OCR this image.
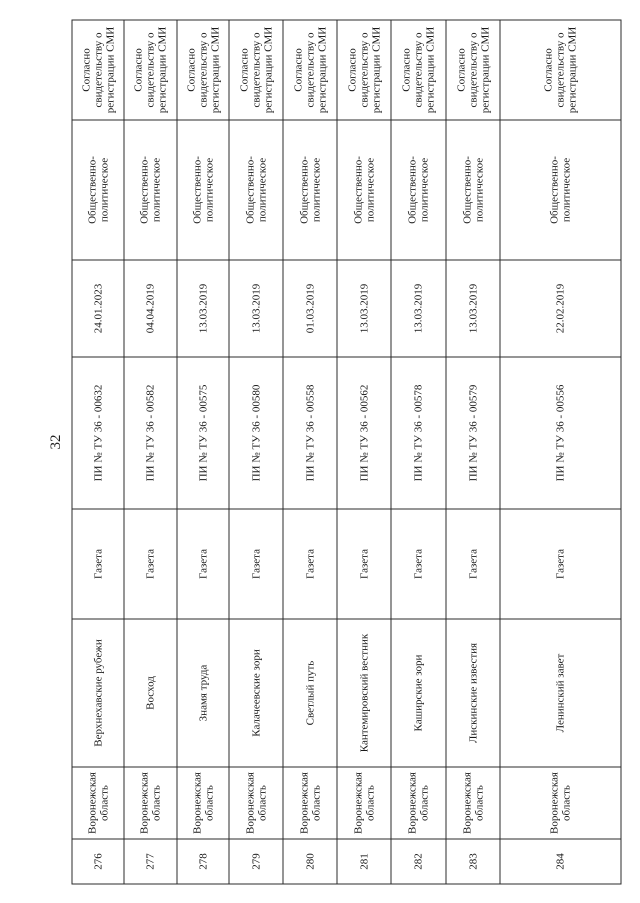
32
276	Воронежская область	Верхнехавские рубежи	Газета	ПИ № ТУ 36 - 00632	24.01.2023	Общественно-политическое	Согласно свидетельству о регистрации СМИ
277	Воронежская область	Восход	Газета	ПИ № ТУ 36 - 00582	04.04.2019	Общественно-политическое	Согласно свидетельству о регистрации СМИ
278	Воронежская область	Знамя труда	Газета	ПИ № ТУ 36 - 00575	13.03.2019	Общественно-политическое	Согласно свидетельству о регистрации СМИ
279	Воронежская область	Калачеевские зори	Газета	ПИ № ТУ 36 - 00580	13.03.2019	Общественно-политическое	Согласно свидетельству о регистрации СМИ
280	Воронежская область	Светлый путь	Газета	ПИ № ТУ 36 - 00558	01.03.2019	Общественно-политическое	Согласно свидетельству о регистрации СМИ
281	Воронежская область	Кантемировский вестник	Газета	ПИ № ТУ 36 - 00562	13.03.2019	Общественно-политическое	Согласно свидетельству о регистрации СМИ
282	Воронежская область	Каширские зори	Газета	ПИ № ТУ 36 - 00578	13.03.2019	Общественно-политическое	Согласно свидетельству о регистрации СМИ
283	Воронежская область	Лискинские известия	Газета	ПИ № ТУ 36 - 00579	13.03.2019	Общественно-политическое	Согласно свидетельству о регистрации СМИ
284	Воронежская область	Ленинский завет	Газета	ПИ № ТУ 36 - 00556	22.02.2019	Общественно-политическое	Согласно свидетельству о регистрации СМИ
